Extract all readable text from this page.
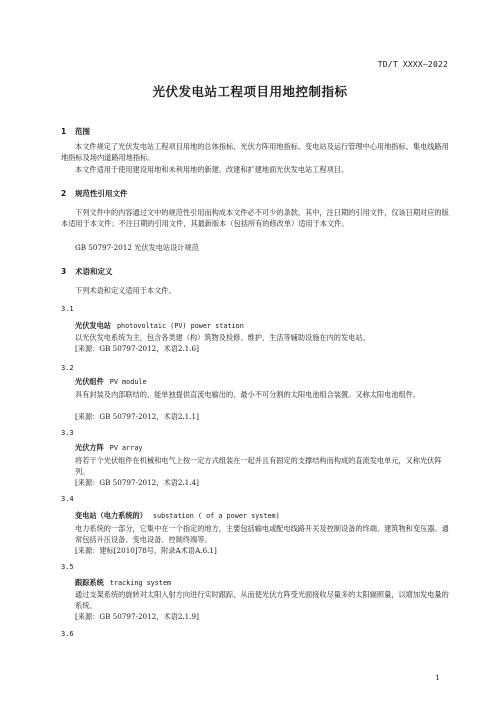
TD/T XXXX—2022
光伏发电站工程项目用地控制指标
1 范围
本文件规定了光伏发电站工程项目用地的总体指标、光伏方阵用地指标、变电站及运行管理中心用地指标、集电线路用地指标及场内道路用地指标。
本文件适用于使用建设用地和未利用地的新建、改建和扩建地面光伏发电站工程项目。
2 规范性引用文件
下列文件中的内容通过文中的规范性引用而构成本文件必不可少的条款。其中，注日期的引用文件，仅该日期对应的版本适用于本文件；不注日期的引用文件，其最新版本（包括所有的修改单）适用于本文件。
GB 50797-2012 光伏发电站设计规范
3 术语和定义
下列术语和定义适用于本文件。
3.1
光伏发电站 photovoltaic (PV) power station
以光伏发电系统为主，包含各类建（构）筑物及检修、维护、生活等辅助设施在内的发电站。
[来源：GB 50797-2012，术语2.1.6]
3.2
光伏组件 PV module
具有封装及内部联结的、能单独提供直流电输出的、最小不可分割的太阳电池组合装置。又称太阳电池组件。
[来源：GB 50797-2012，术语2.1.1]
3.3
光伏方阵 PV array
将若干个光伏组件在机械和电气上按一定方式组装在一起并且有固定的支撑结构而构成的直流发电单元，又称光伏阵列。
[来源：GB 50797-2012，术语2.1.4]
3.4
变电站（电力系统的） substation ( of a power system)
电力系统的一部分，它集中在一个指定的地方，主要包括输电或配电线路开关及控制设备的终端、建筑物和变压器。通常包括升压设备、变电设备、控制终端等。
[来源：建标[2010]78号，附录A术语A.6.1]
3.5
跟踪系统 tracking system
通过支架系统的旋转对太阳入射方向进行实时跟踪，从而使光伏方阵受光面接收尽量多的太阳辐照量，以增加发电量的系统。
[来源：GB 50797-2012，术语2.1.9]
3.6
1
